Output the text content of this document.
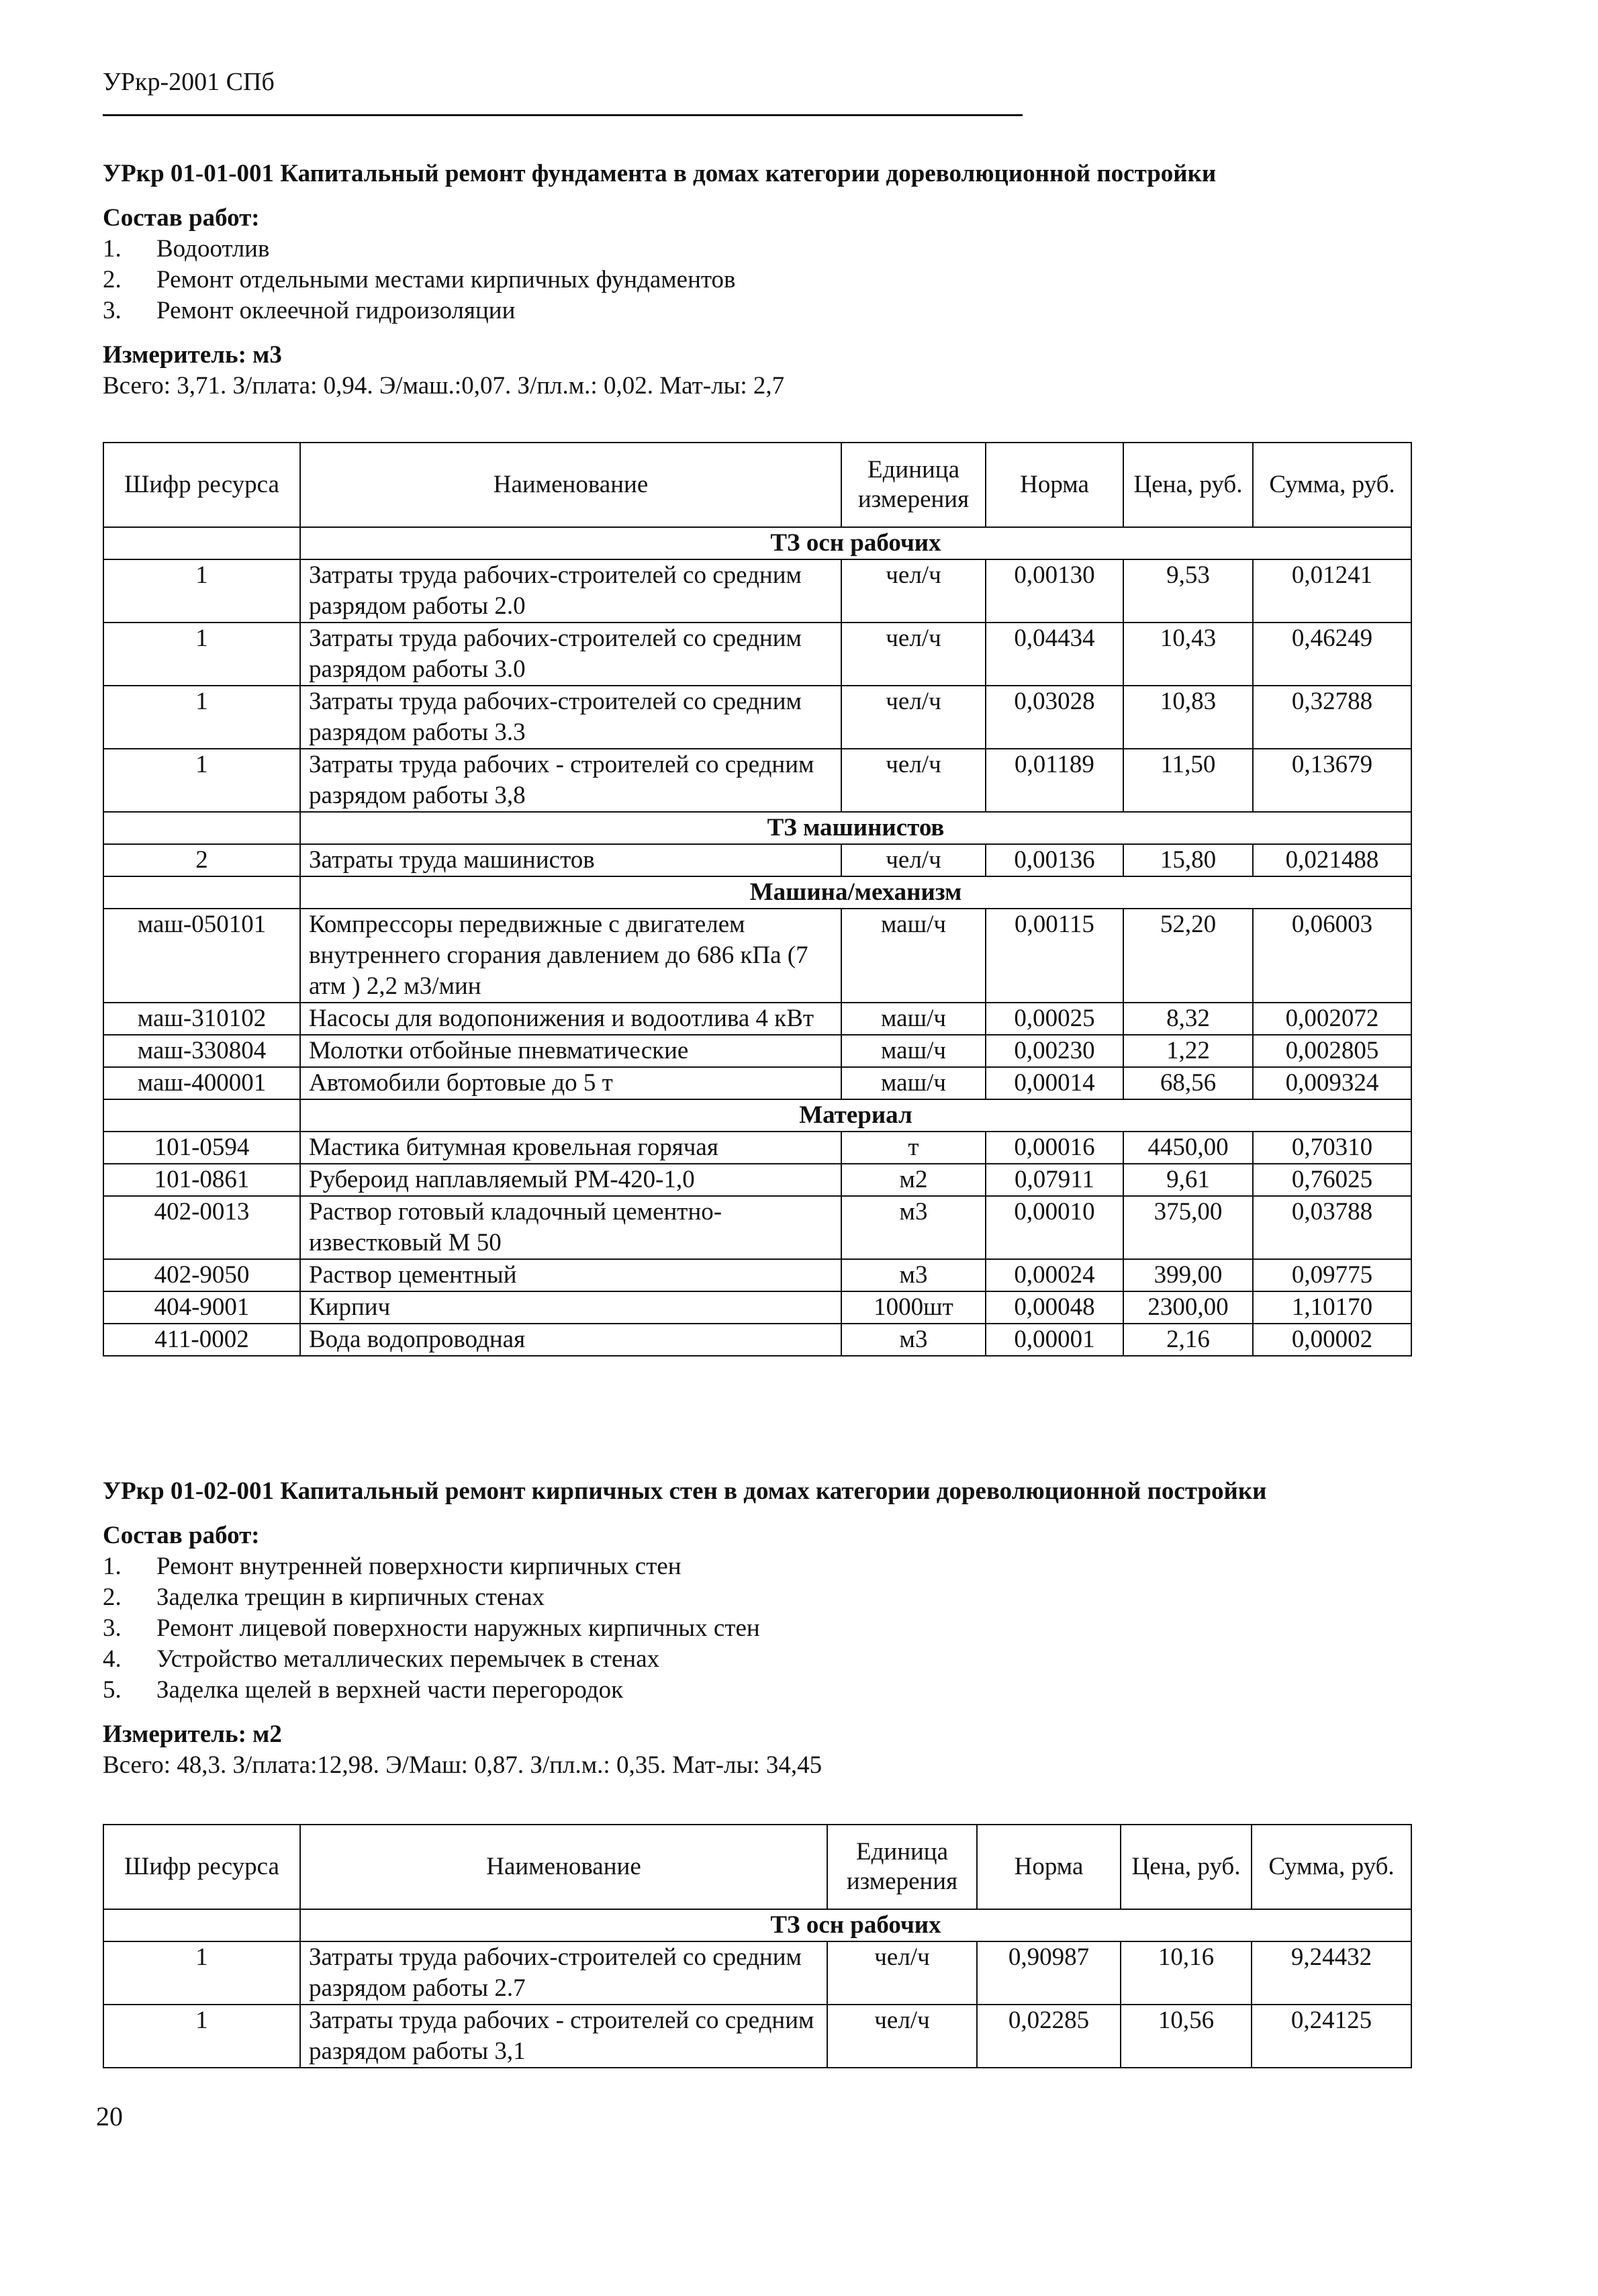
УРкр-2001 СПб

УРкр 01-01-001 Капитальный ремонт фундамента в домах категории дореволюционной постройки

Состав работ:

1.	Водоотлив
2.	Ремонт отдельными местами кирпичных фундаментов
3.	Ремонт оклеечной гидроизоляции

Измеритель: м3

Всего: 3,71. З/плата: 0,94. Э/маш.:0,07. З/пл.м.: 0,02. Мат-лы: 2,7
Шифр ресурса	Наименование	Единица измерения	Норма	Цена, руб.	Сумма, руб.
	ТЗ осн рабочих				
1	Затраты труда рабочих-строителей со средним разрядом работы 2.0	чел/ч	0,00130	9,53	0,01241
1	Затраты труда рабочих-строителей со средним разрядом работы 3.0	чел/ч	0,04434	10,43	0,46249
1	Затраты труда рабочих-строителей со средним разрядом работы 3.3	чел/ч	0,03028	10,83	0,32788
1	Затраты труда рабочих - строителей со средним разрядом работы 3,8	чел/ч	0,01189	11,50	0,13679
	ТЗ машинистов				
2	Затраты труда машинистов	чел/ч	0,00136	15,80	0,021488
	Машина/механизм				
маш-050101	Компрессоры передвижные с двигателем внутреннего сгорания давлением до 686 кПа (7 атм ) 2,2 м3/мин	маш/ч	0,00115	52,20	0,06003
маш-310102	Насосы для водопонижения и водоотлива 4 кВт	маш/ч	0,00025	8,32	0,002072
маш-330804	Молотки отбойные пневматические	маш/ч	0,00230	1,22	0,002805
маш-400001	Автомобили бортовые до 5 т	маш/ч	0,00014	68,56	0,009324
	Материал				
101-0594	Мастика битумная кровельная горячая	т	0,00016	4450,00	0,70310
101-0861	Рубероид наплавляемый РМ-420-1,0	м2	0,07911	9,61	0,76025
402-0013	Раствор готовый кладочный цементно-известковый М 50	м3	0,00010	375,00	0,03788
402-9050	Раствор цементный	м3	0,00024	399,00	0,09775
404-9001	Кирпич	1000шт	0,00048	2300,00	1,10170
411-0002	Вода водопроводная	м3	0,00001	2,16	0,00002

УРкр 01-02-001 Капитальный ремонт кирпичных стен в домах категории дореволюционной постройки

Состав работ:

1.	Ремонт внутренней поверхности кирпичных стен
2.	Заделка трещин в кирпичных стенах
3.	Ремонт лицевой поверхности наружных кирпичных стен
4.	Устройство металлических перемычек в стенах
5.	Заделка щелей в верхней части перегородок

Измеритель: м2

Всего: 48,3. З/плата:12,98. Э/Маш: 0,87. З/пл.м.: 0,35. Мат-лы: 34,45
Шифр ресурса	Наименование	Единица измерения	Норма	Цена, руб.	Сумма, руб.
	ТЗ осн рабочих				
1	Затраты труда рабочих-строителей со средним разрядом работы 2.7	чел/ч	0,90987	10,16	9,24432
1	Затраты труда рабочих - строителей со средним разрядом работы 3,1	чел/ч	0,02285	10,56	0,24125
20
